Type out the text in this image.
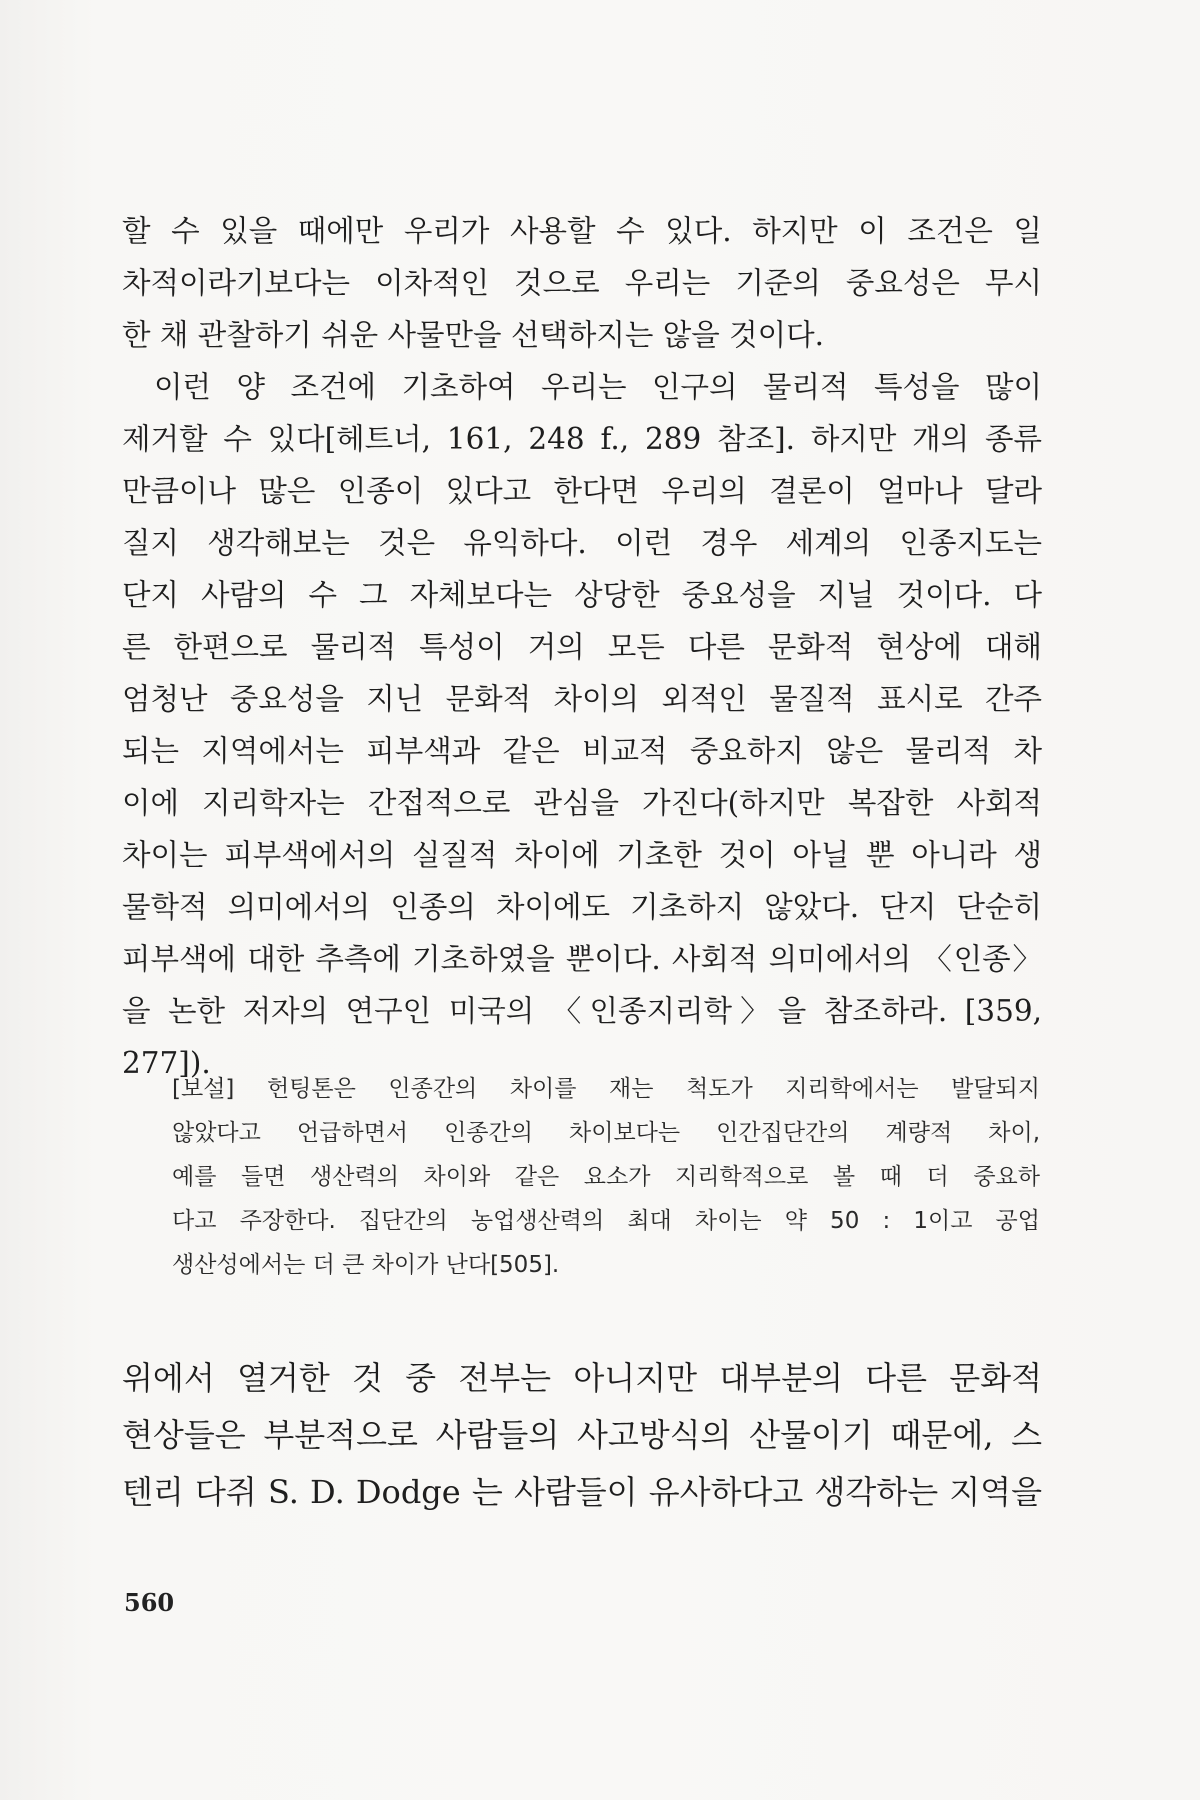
할 수 있을 때에만 우리가 사용할 수 있다. 하지만 이 조건은 일
차적이라기보다는 이차적인 것으로 우리는 기준의 중요성은 무시
한 채 관찰하기 쉬운 사물만을 선택하지는 않을 것이다.
이런 양 조건에 기초하여 우리는 인구의 물리적 특성을 많이
제거할 수 있다[헤트너, 161, 248 f., 289 참조]. 하지만 개의 종류
만큼이나 많은 인종이 있다고 한다면 우리의 결론이 얼마나 달라
질지 생각해보는 것은 유익하다. 이런 경우 세계의 인종지도는
단지 사람의 수 그 자체보다는 상당한 중요성을 지닐 것이다. 다
른 한편으로 물리적 특성이 거의 모든 다른 문화적 현상에 대해
엄청난 중요성을 지닌 문화적 차이의 외적인 물질적 표시로 간주
되는 지역에서는 피부색과 같은 비교적 중요하지 않은 물리적 차
이에 지리학자는 간접적으로 관심을 가진다(하지만 복잡한 사회적
차이는 피부색에서의 실질적 차이에 기초한 것이 아닐 뿐 아니라 생
물학적 의미에서의 인종의 차이에도 기초하지 않았다. 단지 단순히
피부색에 대한 추측에 기초하였을 뿐이다. 사회적 의미에서의 〈인종〉
을 논한 저자의 연구인 미국의 〈인종지리학〉을 참조하라. [359,
277]).
[보설] 헌팅톤은 인종간의 차이를 재는 척도가 지리학에서는 발달되지
않았다고 언급하면서 인종간의 차이보다는 인간집단간의 계량적 차이,
예를 들면 생산력의 차이와 같은 요소가 지리학적으로 볼 때 더 중요하
다고 주장한다. 집단간의 농업생산력의 최대 차이는 약 50 : 1이고 공업
생산성에서는 더 큰 차이가 난다[505].
위에서 열거한 것 중 전부는 아니지만 대부분의 다른 문화적
현상들은 부분적으로 사람들의 사고방식의 산물이기 때문에, 스
텐리 다쥐 S. D. Dodge 는 사람들이 유사하다고 생각하는 지역을
560
